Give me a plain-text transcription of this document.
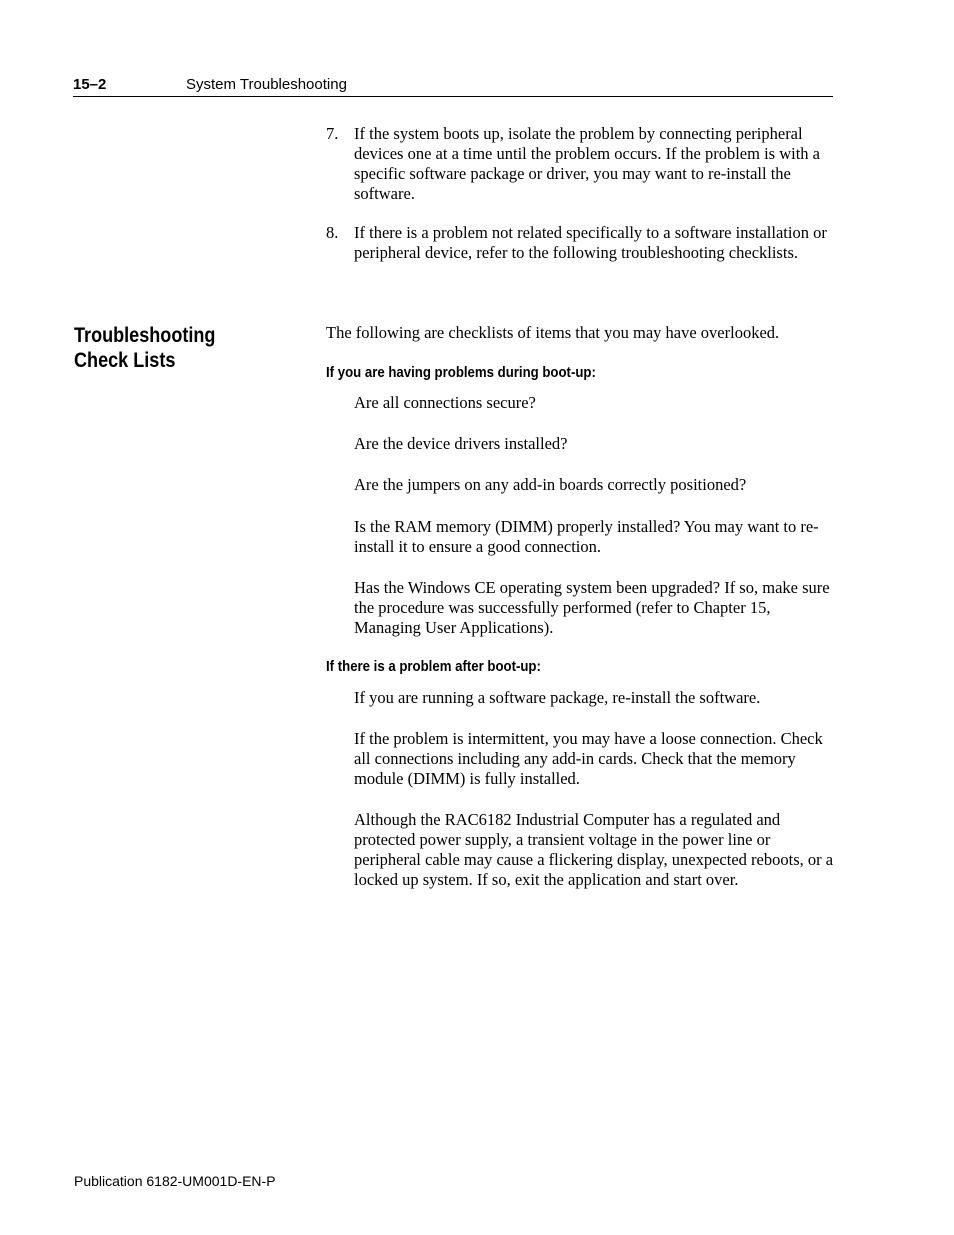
15–2	System Troubleshooting
7. If the system boots up, isolate the problem by connecting peripheral devices one at a time until the problem occurs. If the problem is with a specific software package or driver, you may want to re-install the software.
8. If there is a problem not related specifically to a software installation or peripheral device, refer to the following troubleshooting checklists.
Troubleshooting
Check Lists
The following are checklists of items that you may have overlooked.
If you are having problems during boot-up:
Are all connections secure?
Are the device drivers installed?
Are the jumpers on any add-in boards correctly positioned?
Is the RAM memory (DIMM) properly installed? You may want to re-install it to ensure a good connection.
Has the Windows CE operating system been upgraded? If so, make sure the procedure was successfully performed (refer to Chapter 15, Managing User Applications).
If there is a problem after boot-up:
If you are running a software package, re-install the software.
If the problem is intermittent, you may have a loose connection. Check all connections including any add-in cards. Check that the memory module (DIMM) is fully installed.
Although the RAC6182 Industrial Computer has a regulated and protected power supply, a transient voltage in the power line or peripheral cable may cause a flickering display, unexpected reboots, or a locked up system. If so, exit the application and start over.
Publication 6182-UM001D-EN-P
